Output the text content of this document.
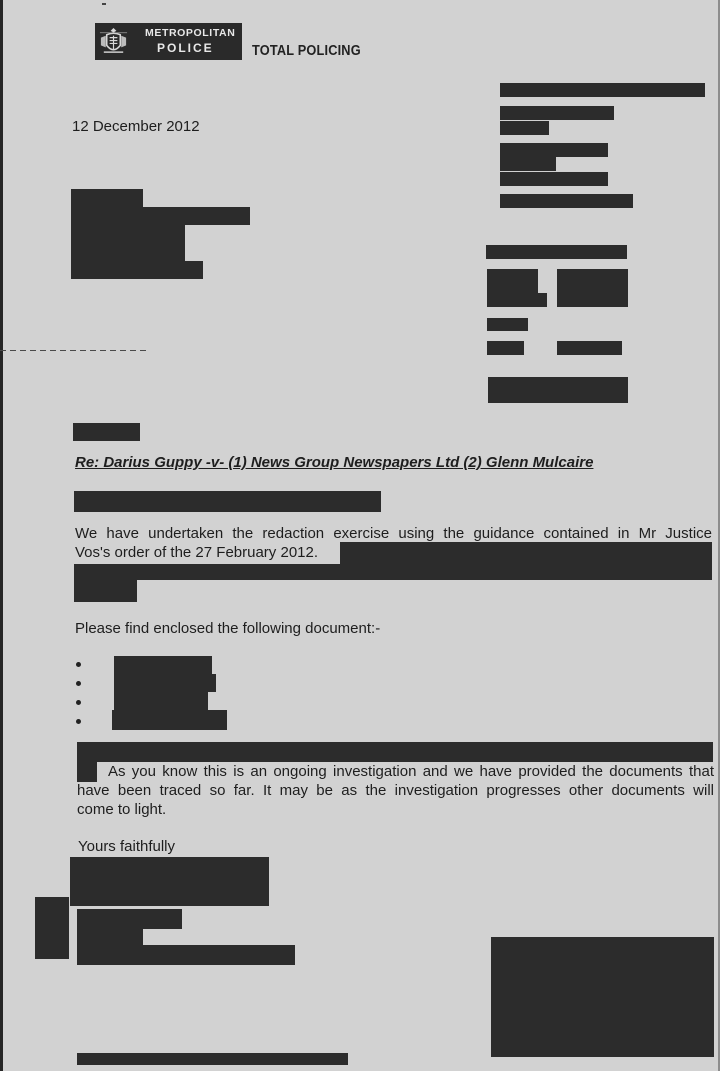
METROPOLITAN
POLICE	TOTAL POLICING
12 December 2012
Re: Darius Guppy -v- (1) News Group Newspapers Ltd (2) Glenn Mulcaire
We have undertaken the redaction exercise using the guidance contained in Mr Justice
Vos's order of the 27 February 2012.
Please find enclosed the following document:-
As you know this is an ongoing investigation and we have provided the documents that
have been traced so far. It may be as the investigation progresses other documents will
come to light.
Yours faithfully
